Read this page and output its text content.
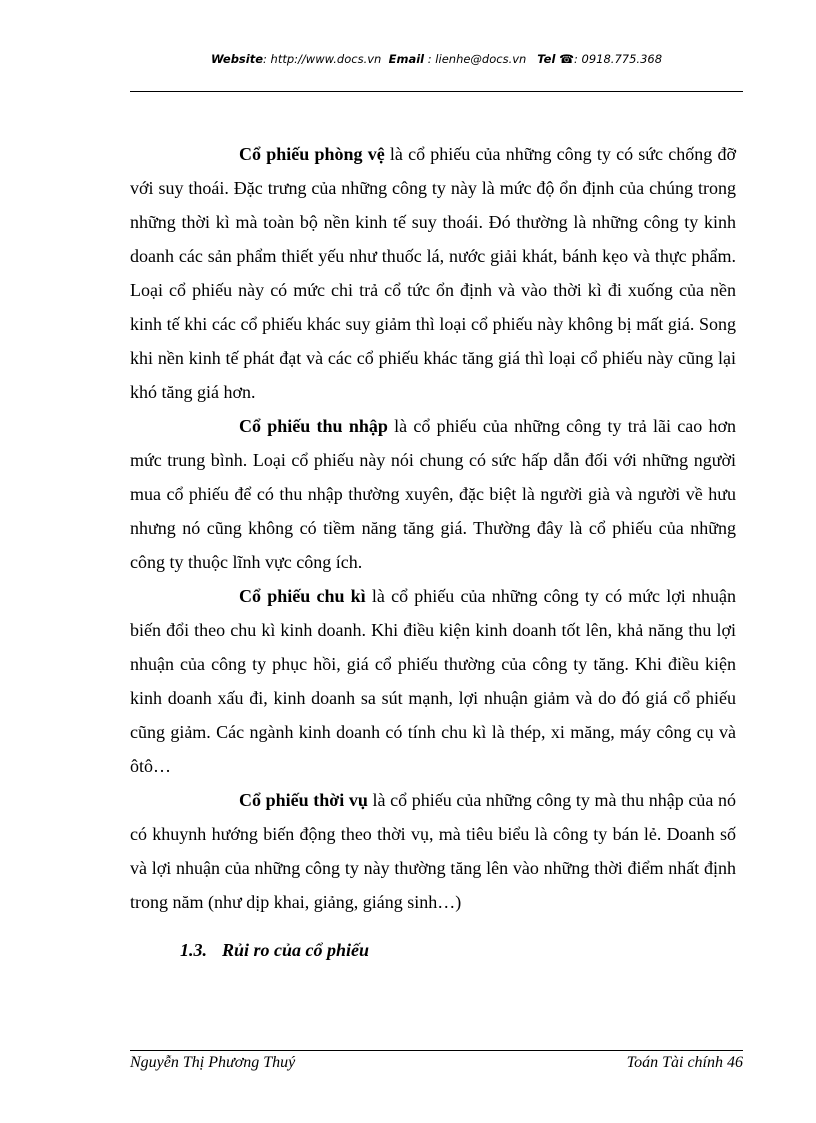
Website: http://www.docs.vn Email : lienhe@docs.vn Tel ☎: 0918.775.368

Cổ phiếu phòng vệ là cổ phiếu của những công ty có sức chống đỡ với suy thoái. Đặc trưng của những công ty này là mức độ ổn định của chúng trong những thời kì mà toàn bộ nền kinh tế suy thoái. Đó thường là những công ty kinh doanh các sản phẩm thiết yếu như thuốc lá, nước giải khát, bánh kẹo và thực phẩm. Loại cổ phiếu này có mức chi trả cổ tức ổn định và vào thời kì đi xuống của nền kinh tế khi các cổ phiếu khác suy giảm thì loại cổ phiếu này không bị mất giá. Song khi nền kinh tế phát đạt và các cổ phiếu khác tăng giá thì loại cổ phiếu này cũng lại khó tăng giá hơn.

Cổ phiếu thu nhập là cổ phiếu của những công ty trả lãi cao hơn mức trung bình. Loại cổ phiếu này nói chung có sức hấp dẫn đối với những người mua cổ phiếu để có thu nhập thường xuyên, đặc biệt là người già và người về hưu nhưng nó cũng không có tiềm năng tăng giá. Thường đây là cổ phiếu của những công ty thuộc lĩnh vực công ích.

Cổ phiếu chu kì là cổ phiếu của những công ty có mức lợi nhuận biến đổi theo chu kì kinh doanh. Khi điều kiện kinh doanh tốt lên, khả năng thu lợi nhuận của công ty phục hồi, giá cổ phiếu thường của công ty tăng. Khi điều kiện kinh doanh xấu đi, kinh doanh sa sút mạnh, lợi nhuận giảm và do đó giá cổ phiếu cũng giảm. Các ngành kinh doanh có tính chu kì là thép, xi măng, máy công cụ và ôtô…

Cổ phiếu thời vụ là cổ phiếu của những công ty mà thu nhập của nó có khuynh hướng biến động theo thời vụ, mà tiêu biểu là công ty bán lẻ. Doanh số và lợi nhuận của những công ty này thường tăng lên vào những thời điểm nhất định trong năm (như dịp khai, giảng, giáng sinh…)

1.3. Rủi ro của cổ phiếu
Nguyễn Thị Phương Thuý	Toán Tài chính 46
